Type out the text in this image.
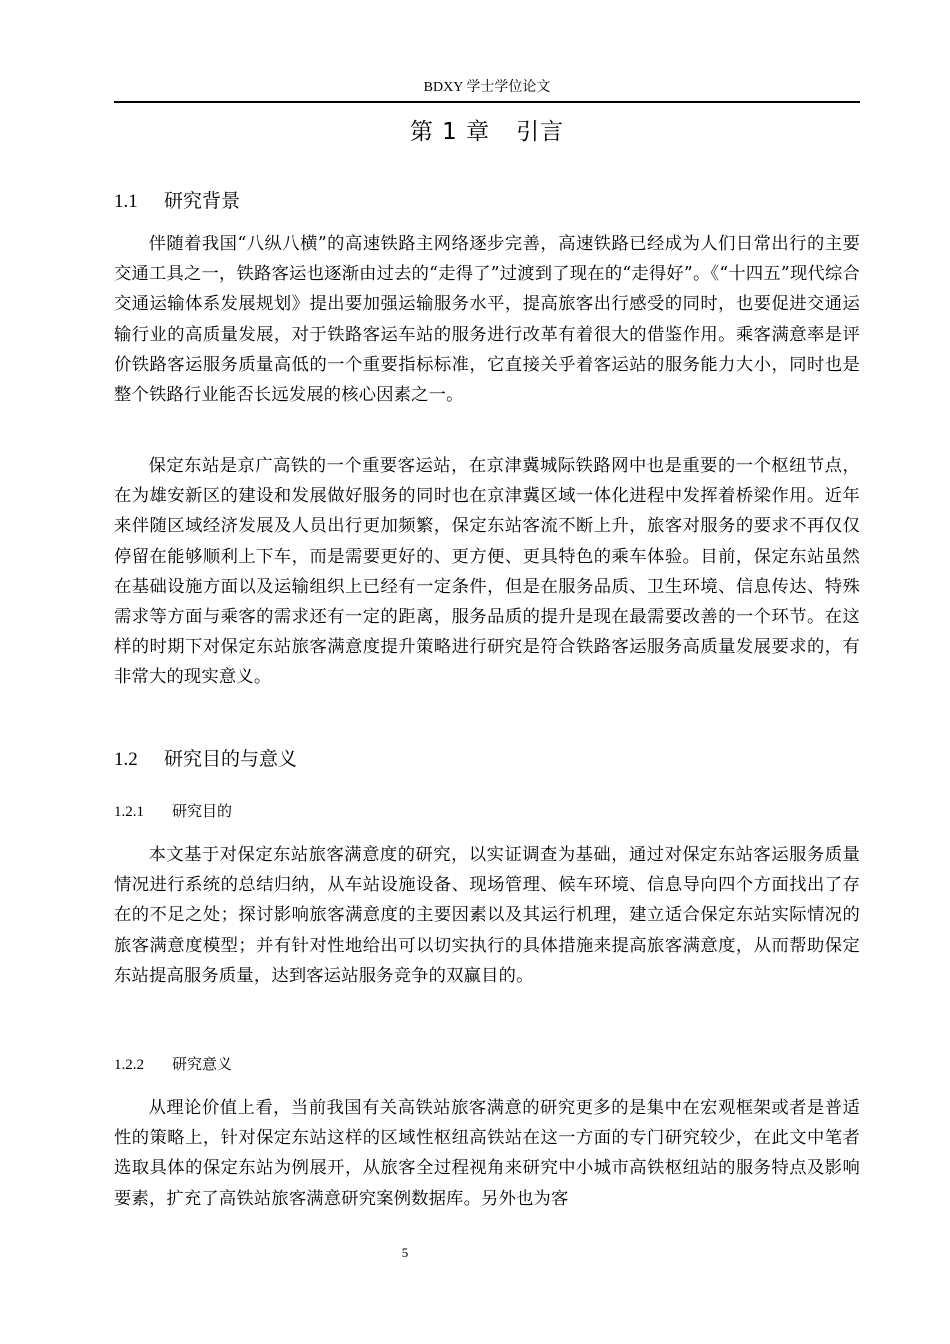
BDXY 学士学位论文
第 1 章 引言
1.1 研究背景

伴随着我国“八纵八横”的高速铁路主网络逐步完善，高速铁路已经成为人们日常出行的主要交通工具之一，铁路客运也逐渐由过去的“走得了”过渡到了现在的“走得好”。《“十四五”现代综合交通运输体系发展规划》提出要加强运输服务水平，提高旅客出行感受的同时，也要促进交通运输行业的高质量发展，对于铁路客运车站的服务进行改革有着很大的借鉴作用。乘客满意率是评价铁路客运服务质量高低的一个重要指标标准，它直接关乎着客运站的服务能力大小，同时也是整个铁路行业能否长远发展的核心因素之一。

保定东站是京广高铁的一个重要客运站，在京津冀城际铁路网中也是重要的一个枢纽节点，在为雄安新区的建设和发展做好服务的同时也在京津冀区域一体化进程中发挥着桥梁作用。近年来伴随区域经济发展及人员出行更加频繁，保定东站客流不断上升，旅客对服务的要求不再仅仅停留在能够顺利上下车，而是需要更好的、更方便、更具特色的乘车体验。目前，保定东站虽然在基础设施方面以及运输组织上已经有一定条件，但是在服务品质、卫生环境、信息传达、特殊需求等方面与乘客的需求还有一定的距离，服务品质的提升是现在最需要改善的一个环节。在这样的时期下对保定东站旅客满意度提升策略进行研究是符合铁路客运服务高质量发展要求的，有非常大的现实意义。

1.2 研究目的与意义
1.2.1 研究目的

本文基于对保定东站旅客满意度的研究，以实证调查为基础，通过对保定东站客运服务质量情况进行系统的总结归纳，从车站设施设备、现场管理、候车环境、信息导向四个方面找出了存在的不足之处；探讨影响旅客满意度的主要因素以及其运行机理，建立适合保定东站实际情况的旅客满意度模型；并有针对性地给出可以切实执行的具体措施来提高旅客满意度，从而帮助保定东站提高服务质量，达到客运站服务竞争的双赢目的。

1.2.2 研究意义

从理论价值上看，当前我国有关高铁站旅客满意的研究更多的是集中在宏观框架或者是普适性的策略上，针对保定东站这样的区域性枢纽高铁站在这一方面的专门研究较少，在此文中笔者选取具体的保定东站为例展开，从旅客全过程视角来研究中小城市高铁枢纽站的服务特点及影响要素，扩充了高铁站旅客满意研究案例数据库。另外也为客

5
